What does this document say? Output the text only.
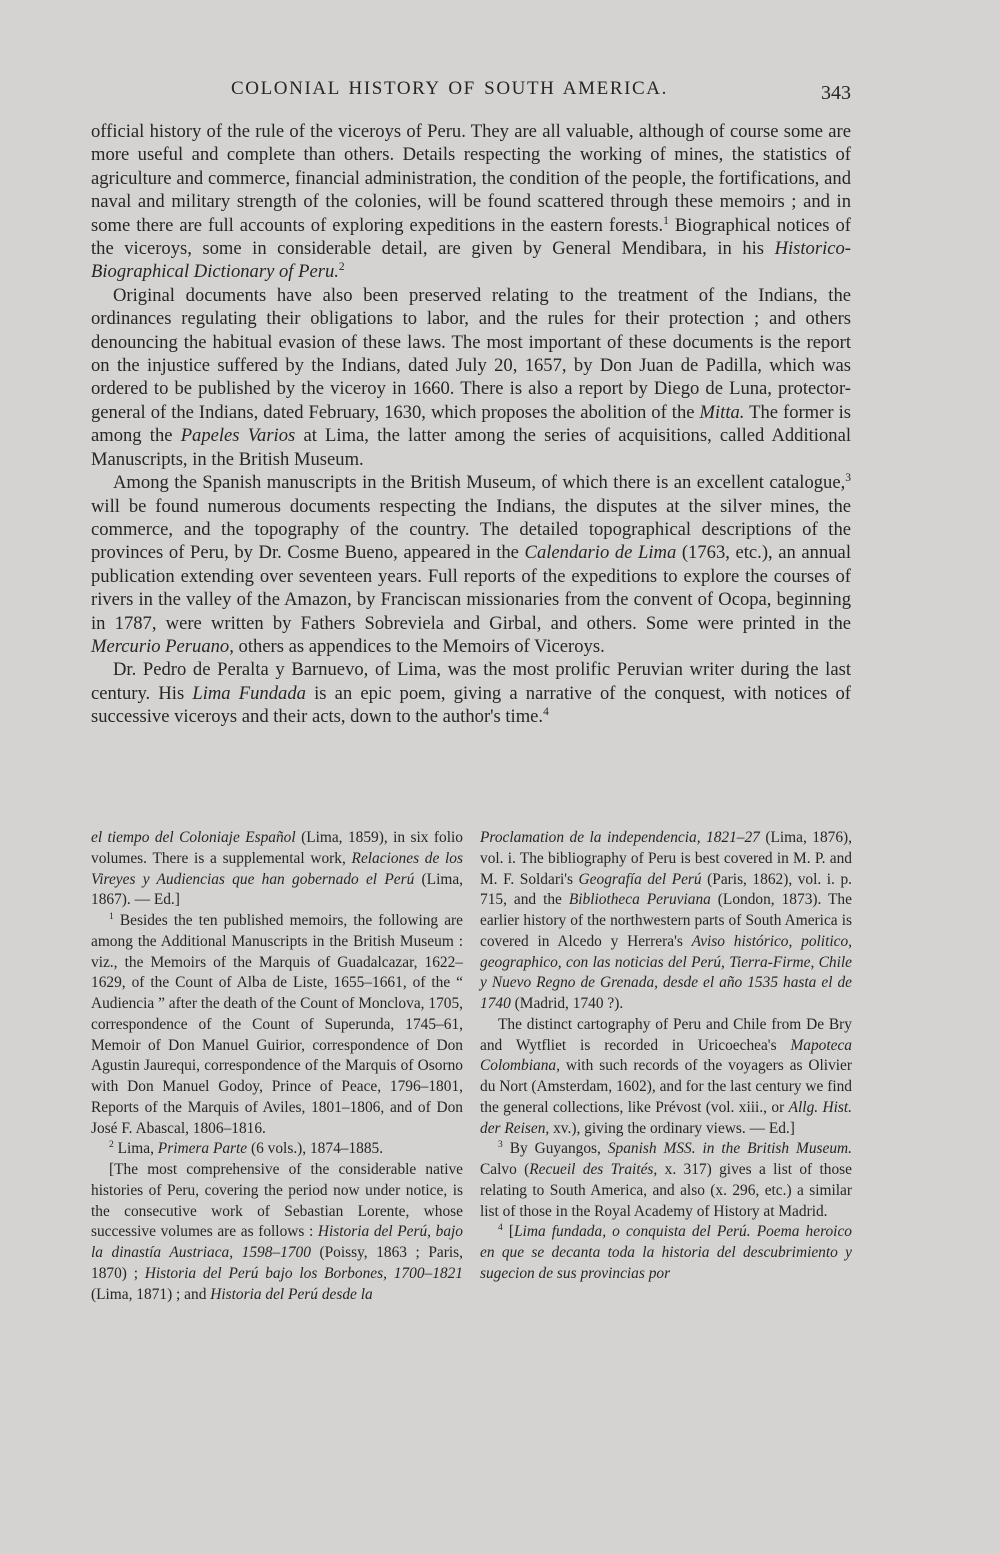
COLONIAL HISTORY OF SOUTH AMERICA.	343

official history of the rule of the viceroys of Peru. They are all valuable, although of course some are more useful and complete than others. Details respecting the working of mines, the statistics of agriculture and commerce, financial administration, the condition of the people, the fortifications, and naval and military strength of the colonies, will be found scattered through these memoirs ; and in some there are full accounts of exploring expeditions in the eastern forests.$^1$ Biographical notices of the viceroys, some in considerable detail, are given by General Mendibara, in his Historico-Biographical Dictionary of Peru.$^2$

Original documents have also been preserved relating to the treatment of the Indians, the ordinances regulating their obligations to labor, and the rules for their protection ; and others denouncing the habitual evasion of these laws. The most important of these documents is the report on the injustice suffered by the Indians, dated July 20, 1657, by Don Juan de Padilla, which was ordered to be published by the viceroy in 1660. There is also a report by Diego de Luna, protector-general of the Indians, dated February, 1630, which proposes the abolition of the Mitta. The former is among the Papeles Varios at Lima, the latter among the series of acquisitions, called Additional Manuscripts, in the British Museum.

Among the Spanish manuscripts in the British Museum, of which there is an excellent catalogue,$^3$ will be found numerous documents respecting the Indians, the disputes at the silver mines, the commerce, and the topography of the country. The detailed topographical descriptions of the provinces of Peru, by Dr. Cosme Bueno, appeared in the Calendario de Lima (1763, etc.), an annual publication extending over seventeen years. Full reports of the expeditions to explore the courses of rivers in the valley of the Amazon, by Franciscan missionaries from the convent of Ocopa, beginning in 1787, were written by Fathers Sobreviela and Girbal, and others. Some were printed in the Mercurio Peruano, others as appendices to the Memoirs of Viceroys.

Dr. Pedro de Peralta y Barnuevo, of Lima, was the most prolific Peruvian writer during the last century. His Lima Fundada is an epic poem, giving a narrative of the conquest, with notices of successive viceroys and their acts, down to the author's time.$^4$

el tiempo del Coloniaje Español (Lima, 1859), in six folio volumes. There is a supplemental work, Relaciones de los Vireyes y Audiencias que han gobernado el Perú (Lima, 1867). — Ed.]

$^1$ Besides the ten published memoirs, the following are among the Additional Manuscripts in the British Museum : viz., the Memoirs of the Marquis of Guadalcazar, 1622–1629, of the Count of Alba de Liste, 1655–1661, of the “ Audiencia ” after the death of the Count of Monclova, 1705, correspondence of the Count of Superunda, 1745–61, Memoir of Don Manuel Guirior, correspondence of Don Agustin Jaurequi, correspondence of the Marquis of Osorno with Don Manuel Godoy, Prince of Peace, 1796–1801, Reports of the Marquis of Aviles, 1801–1806, and of Don José F. Abascal, 1806–1816.

$^2$ Lima, Primera Parte (6 vols.), 1874–1885.

[The most comprehensive of the considerable native histories of Peru, covering the period now under notice, is the consecutive work of Sebastian Lorente, whose successive volumes are as follows : Historia del Perú, bajo la dinastía Austriaca, 1598–1700 (Poissy, 1863 ; Paris, 1870) ; Historia del Perú bajo los Borbones, 1700–1821 (Lima, 1871) ; and Historia del Perú desde la

Proclamation de la independencia, 1821–27 (Lima, 1876), vol. i. The bibliography of Peru is best covered in M. P. and M. F. Soldari's Geografía del Perú (Paris, 1862), vol. i. p. 715, and the Bibliotheca Peruviana (London, 1873). The earlier history of the northwestern parts of South America is covered in Alcedo y Herrera's Aviso histórico, politico, geographico, con las noticias del Perú, Tierra-Firme, Chile y Nuevo Regno de Grenada, desde el año 1535 hasta el de 1740 (Madrid, 1740 ?).

The distinct cartography of Peru and Chile from De Bry and Wytfliet is recorded in Uricoechea's Mapoteca Colombiana, with such records of the voyagers as Olivier du Nort (Amsterdam, 1602), and for the last century we find the general collections, like Prévost (vol. xiii., or Allg. Hist. der Reisen, xv.), giving the ordinary views. — Ed.]

$^3$ By Guyangos, Spanish MSS. in the British Museum. Calvo (Recueil des Traités, x. 317) gives a list of those relating to South America, and also (x. 296, etc.) a similar list of those in the Royal Academy of History at Madrid.

$^4$ [Lima fundada, o conquista del Perú. Poema heroico en que se decanta toda la historia del descubrimiento y sugecion de sus provincias por
